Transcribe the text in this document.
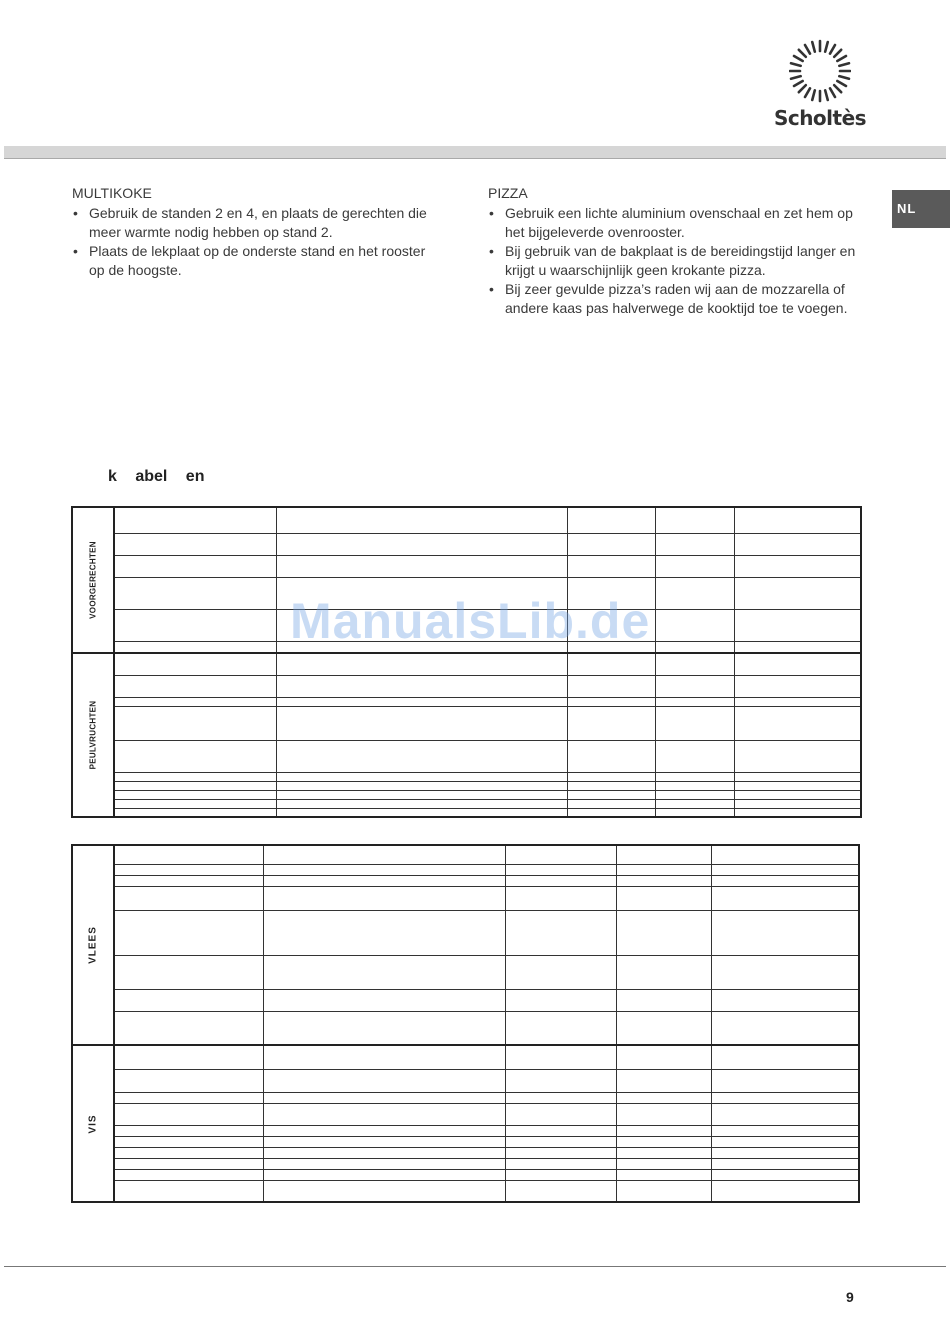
Scholtès
NL
MULTIKOKE
• Gebruik de standen 2 en 4, en plaats de gerechten die meer warmte nodig hebben op stand 2.
• Plaats de lekplaat op de onderste stand en het rooster op de hoogste.
PIZZA
• Gebruik een lichte aluminium ovenschaal en zet hem op het bijgeleverde ovenrooster.
• Bij gebruik van de bakplaat is de bereidingstijd langer en krijgt u waarschijnlijk geen krokante pizza.
• Bij zeer gevulde pizza’s raden wij aan de mozzarella of andere kaas pas halverwege de kooktijd toe te voegen.
k abel en
VOORGERECHTEN					

PEULVRUCHTEN					

VLEES					

VIS					

ManualsLib.de
9
